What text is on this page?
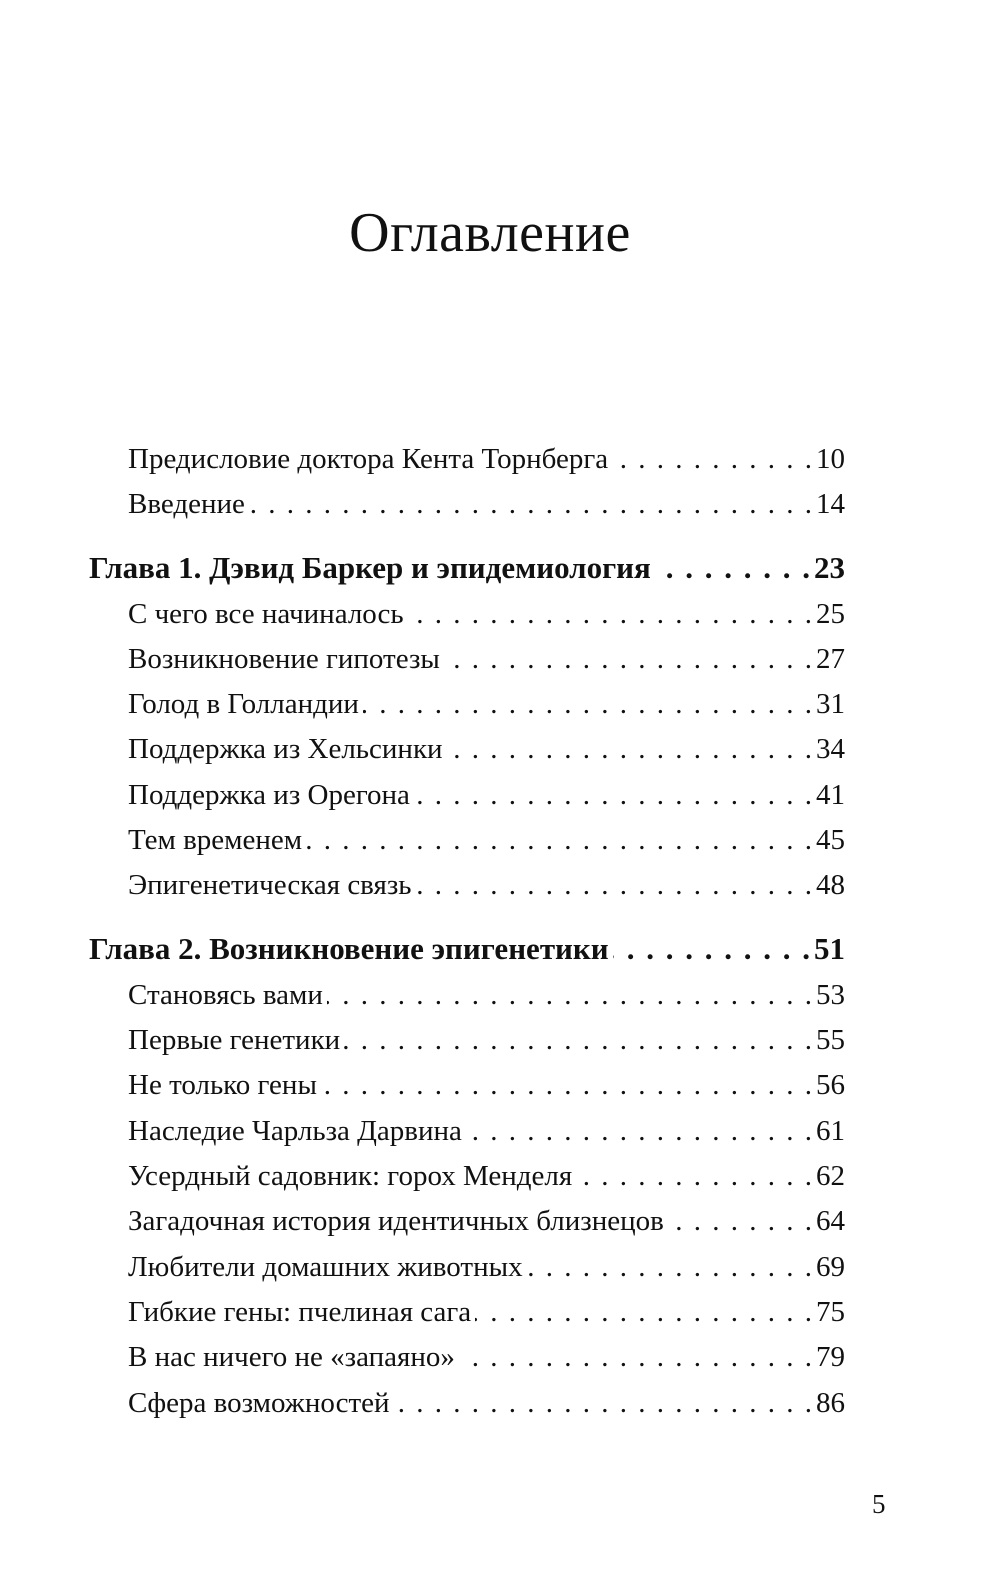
Оглавление
Предисловие доктора Кента Торнберга . . .	10
Введение . . .	14
Глава 1. Дэвид Баркер и эпидемиология . . .	23
С чего все начиналось . . .	25
Возникновение гипотезы . . .	27
Голод в Голландии . . .	31
Поддержка из Хельсинки . . .	34
Поддержка из Орегона . . .	41
Тем временем . . .	45
Эпигенетическая связь . . .	48
Глава 2. Возникновение эпигенетики . . .	51
Становясь вами . . .	53
Первые генетики . . .	55
Не только гены . . .	56
Наследие Чарльза Дарвина . . .	61
Усердный садовник: горох Менделя . . .	62
Загадочная история идентичных близнецов . . .	64
Любители домашних животных . . .	69
Гибкие гены: пчелиная сага . . .	75
В нас ничего не «запаяно» . . .	79
Сфера возможностей . . .	86
5
